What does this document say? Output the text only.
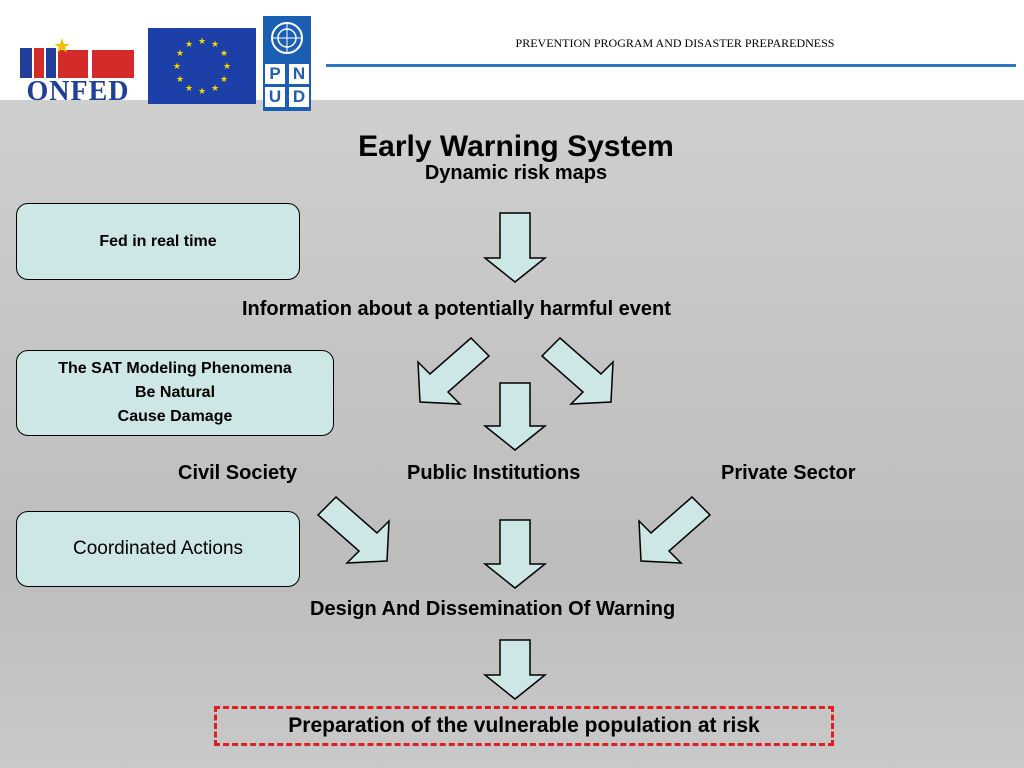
ONFED
★ ★
★
★
★
★
★
★
★
★
★
★
P N
U D
PREVENTION PROGRAM AND DISASTER PREPAREDNESS
Early Warning System
Dynamic risk maps
Fed in real time
The SAT Modeling Phenomena
Be Natural
Cause Damage
Coordinated Actions
Information about a potentially harmful event
Civil Society	Public Institutions	Private Sector
Design And Dissemination Of Warning
Preparation of the vulnerable population at risk
